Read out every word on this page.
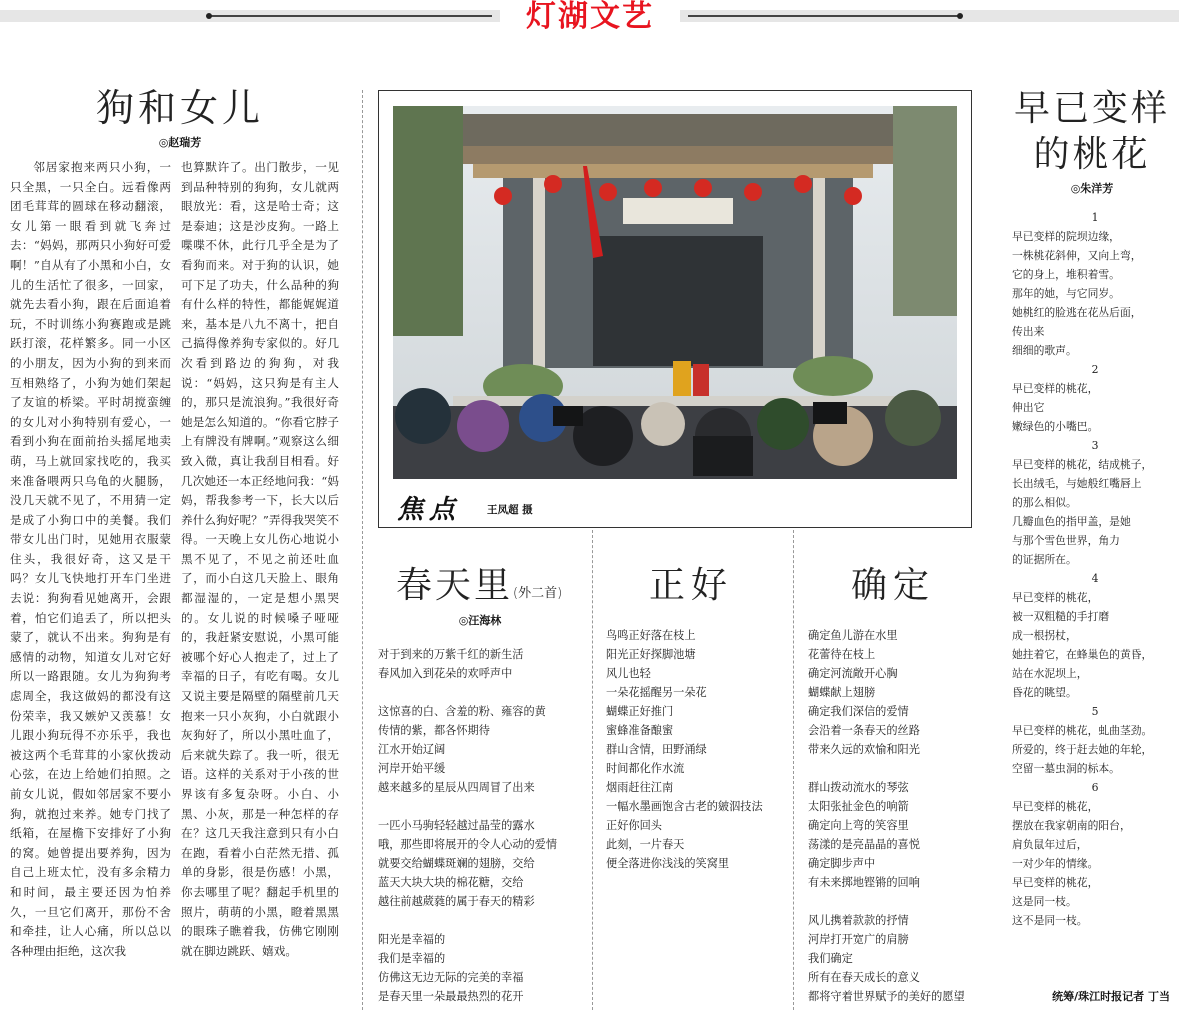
灯湖文艺
狗和女儿
◎赵瑞芳

邻居家抱来两只小狗，一只全黑，一只全白。远看像两团毛茸茸的圆球在移动翻滚，女儿第一眼看到就飞奔过去：“妈妈，那两只小狗好可爱啊！”自从有了小黑和小白，女儿的生活忙了很多，一回家，就先去看小狗，跟在后面追着玩，不时训练小狗赛跑或是跳跃打滚，花样繁多。同一小区的小朋友，因为小狗的到来而互相熟络了，小狗为她们架起了友谊的桥梁。平时胡搅蛮缠的女儿对小狗特别有爱心，一看到小狗在面前抬头摇尾地卖萌，马上就回家找吃的，我买来准备喂两只乌龟的火腿肠，没几天就不见了，不用猜一定是成了小狗口中的美餐。我们带女儿出门时，见她用衣服蒙住头，我很好奇，这又是干吗？女儿飞快地打开车门坐进去说：狗狗看见她离开，会跟着，怕它们追丢了，所以把头蒙了，就认不出来。狗狗是有感情的动物，知道女儿对它好所以一路跟随。女儿为狗狗考虑周全，我这做妈的都没有这份荣幸，我又嫉妒又羡慕！女儿跟小狗玩得不亦乐乎，我也被这两个毛茸茸的小家伙拨动心弦，在边上给她们拍照。之前女儿说，假如邻居家不要小狗，就抱过来养。她专门找了纸箱，在屋檐下安排好了小狗的窝。她曾提出要养狗，因为自己上班太忙，没有多余精力和时间，最主要还因为怕养久，一旦它们离开，那份不舍和牵挂，让人心痛，所以总以各种理由拒绝，这次我

也算默许了。出门散步，一见到品种特别的狗狗，女儿就两眼放光：看，这是哈士奇；这是泰迪；这是沙皮狗。一路上喋喋不休，此行几乎全是为了看狗而来。对于狗的认识，她可下足了功夫，什么品种的狗有什么样的特性，都能娓娓道来，基本是八九不离十，把自己搞得像养狗专家似的。好几次看到路边的狗狗，对我说：“妈妈，这只狗是有主人的，那只是流浪狗。”我很好奇她是怎么知道的。“你看它脖子上有牌没有牌啊。”观察这么细致入微，真让我刮目相看。好几次她还一本正经地问我：“妈妈，帮我参考一下，长大以后养什么狗好呢？”弄得我哭笑不得。一天晚上女儿伤心地说小黑不见了，不见之前还吐血了，而小白这几天脸上、眼角都湿湿的，一定是想小黑哭的。女儿说的时候嗓子哑哑的，我赶紧安慰说，小黑可能被哪个好心人抱走了，过上了幸福的日子，有吃有喝。女儿又说主要是隔壁的隔壁前几天抱来一只小灰狗，小白就跟小灰狗好了，所以小黑吐血了，后来就失踪了。我一听，很无语。这样的关系对于小孩的世界该有多复杂呀。小白、小黑、小灰，那是一种怎样的存在？这几天我注意到只有小白在跑，看着小白茫然无措、孤单的身影，很是伤感！小黑，你去哪里了呢？翻起手机里的照片，萌萌的小黑，瞪着黑黑的眼珠子瞧着我，仿佛它刚刚就在脚边跳跃、嬉戏。
焦点 王凤超 摄
春天里(外二首)
◎汪海林
对于到来的万紫千红的新生活
春风加入到花朵的欢呼声中
这惊喜的白、含羞的粉、雍容的黄
传情的紫，都各怀期待
江水开始辽阔
河岸开始平缓
越来越多的星辰从四周冒了出来
一匹小马驹轻轻越过晶莹的露水
哦，那些即将展开的令人心动的爱情
就要交给蝴蝶斑斓的翅膀，交给
蓝天大块大块的棉花糖，交给
越往前越葳蕤的属于春天的精彩
阳光是幸福的
我们是幸福的
仿佛这无边无际的完美的幸福
是春天里一朵最最热烈的花开
正好
鸟鸣正好落在枝上
阳光正好探脚池塘
风儿也轻
一朵花摇醒另一朵花
蝴蝶正好推门
蜜蜂准备酿蜜
群山含情，田野涌绿
时间都化作水流
烟雨赶往江南
一幅水墨画饱含古老的皴泅技法
正好你回头
此刻，一片春天
便全落进你浅浅的笑窝里
确定
确定鱼儿游在水里
花蕾待在枝上
确定河流敞开心胸
蝴蝶献上翅膀
确定我们深信的爱情
会沿着一条春天的丝路
带来久远的欢愉和阳光
群山拨动流水的琴弦
太阳张扯金色的响箭
确定向上弯的笑容里
荡漾的是亮晶晶的喜悦
确定脚步声中
有未来掷地铿锵的回响
风儿携着款款的抒情
河岸打开宽广的肩膀
我们确定
所有在春天成长的意义
都将守着世界赋予的美好的愿望
早已变样
的桃花
◎朱洋芳
1
早已变样的院坝边缘，
一株桃花斜伸，又向上弯，
它的身上，堆积着雪。
那年的她，与它同岁。
她桃红的脸逃在花丛后面，
传出来
细细的歌声。
2
早已变样的桃花，
伸出它
嫩绿色的小嘴巴。
3
早已变样的桃花，结成桃子，
长出绒毛，与她般红嘴唇上
的那么相似。
几瓣血色的指甲盖，是她
与那个雪色世界，角力
的证据所在。
4
早已变样的桃花，
被一双粗糙的手打磨
成一根拐杖，
她拄着它，在蜂巢色的黄昏，
站在水泥坝上，
昏花的眺望。
5
早已变样的桃花，虬曲茎劲。
所爱的，终于赶去她的年轮，
空留一墓虫洞的标本。
6
早已变样的桃花，
摆放在我家朝南的阳台，
肩负鼠年过后，
一对少年的情缘。
早已变样的桃花，
这是同一枝。
这不是同一枝。
统筹/珠江时报记者 丁当
